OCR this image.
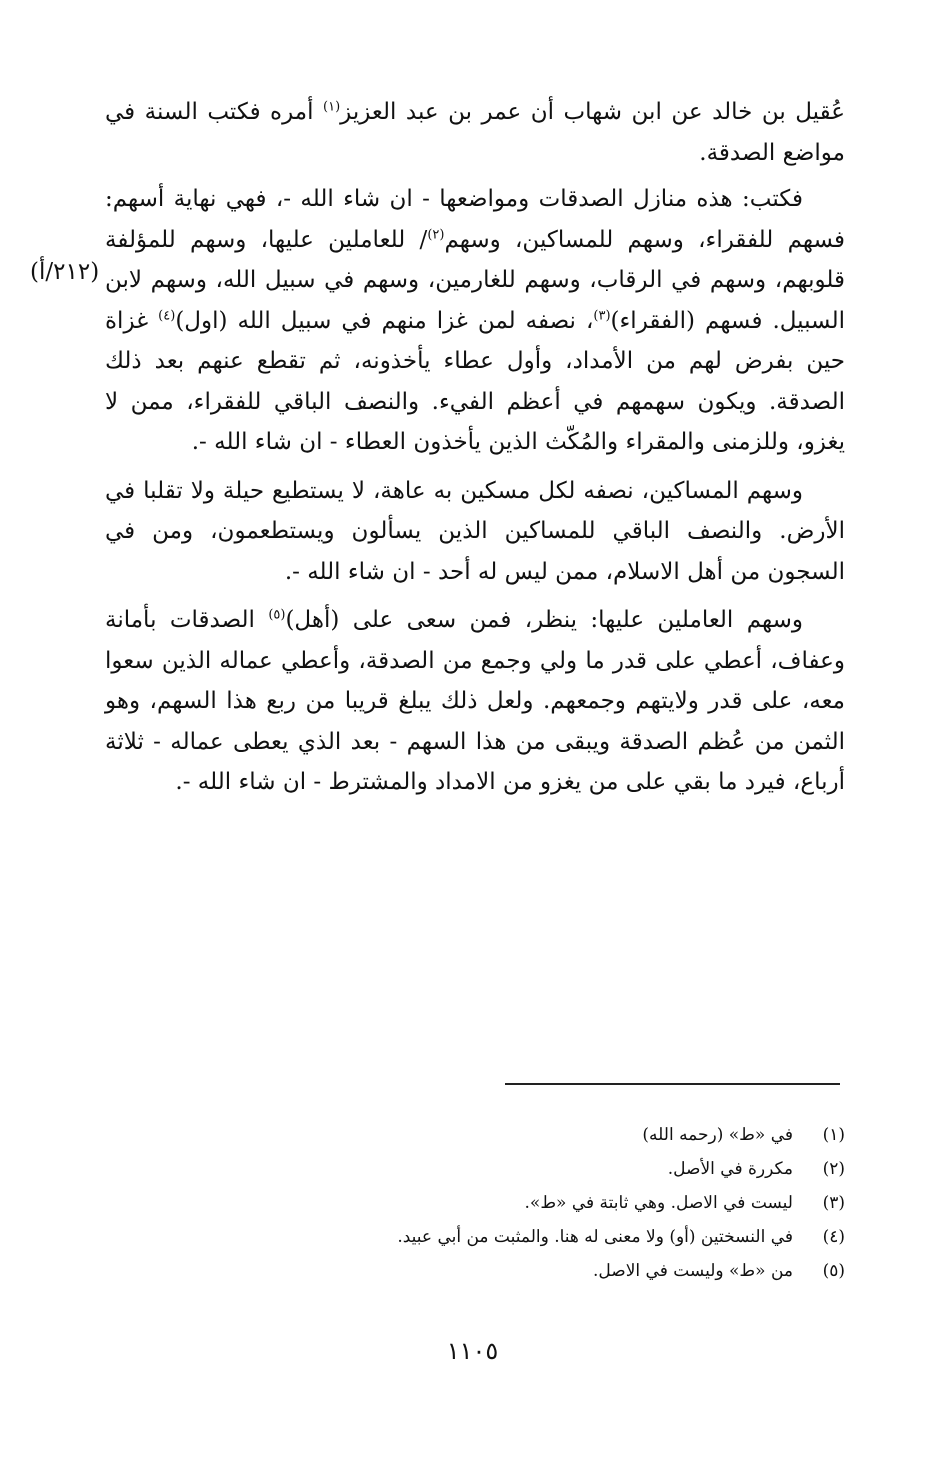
(٢١٢/أ)

عُقيل بن خالد عن ابن شهاب أن عمر بن عبد العزيز$^{(١)}$ أمره فكتب السنة في مواضع الصدقة.

فكتب: هذه منازل الصدقات ومواضعها - ان شاء الله -، فهي نهاية أسهم: فسهم للفقراء، وسهم للمساكين، وسهم$^{(٢)}$/ للعاملين عليها، وسهم للمؤلفة قلوبهم، وسهم في الرقاب، وسهم للغارمين، وسهم في سبيل الله، وسهم لابن السبيل. فسهم (الفقراء)$^{(٣)}$، نصفه لمن غزا منهم في سبيل الله (اول)$^{(٤)}$ غزاة حين بفرض لهم من الأمداد، وأول عطاء يأخذونه، ثم تقطع عنهم بعد ذلك الصدقة. ويكون سهمهم في أعظم الفيء. والنصف الباقي للفقراء، ممن لا يغزو، وللزمنى والمقراء والمُكّث الذين يأخذون العطاء - ان شاء الله -.

وسهم المساكين، نصفه لكل مسكين به عاهة، لا يستطيع حيلة ولا تقلبا في الأرض. والنصف الباقي للمساكين الذين يسألون ويستطعمون، ومن في السجون من أهل الاسلام، ممن ليس له أحد - ان شاء الله -.

وسهم العاملين عليها: ينظر، فمن سعى على (أهل)$^{(٥)}$ الصدقات بأمانة وعفاف، أعطي على قدر ما ولي وجمع من الصدقة، وأعطي عماله الذين سعوا معه، على قدر ولايتهم وجمعهم. ولعل ذلك يبلغ قريبا من ربع هذا السهم، وهو الثمن من عُظم الصدقة ويبقى من هذا السهم - بعد الذي يعطى عماله - ثلاثة أرباع، فيرد ما بقي على من يغزو من الامداد والمشترط - ان شاء الله -.

(١)
في «ط» (رحمه الله)
(٢)
مكررة في الأصل.
(٣)
ليست في الاصل. وهي ثابتة في «ط».
(٤)
في النسختين (أو) ولا معنى له هنا. والمثبت من أبي عبيد.
(٥)
من «ط» وليست في الاصل.
١١٠٥
